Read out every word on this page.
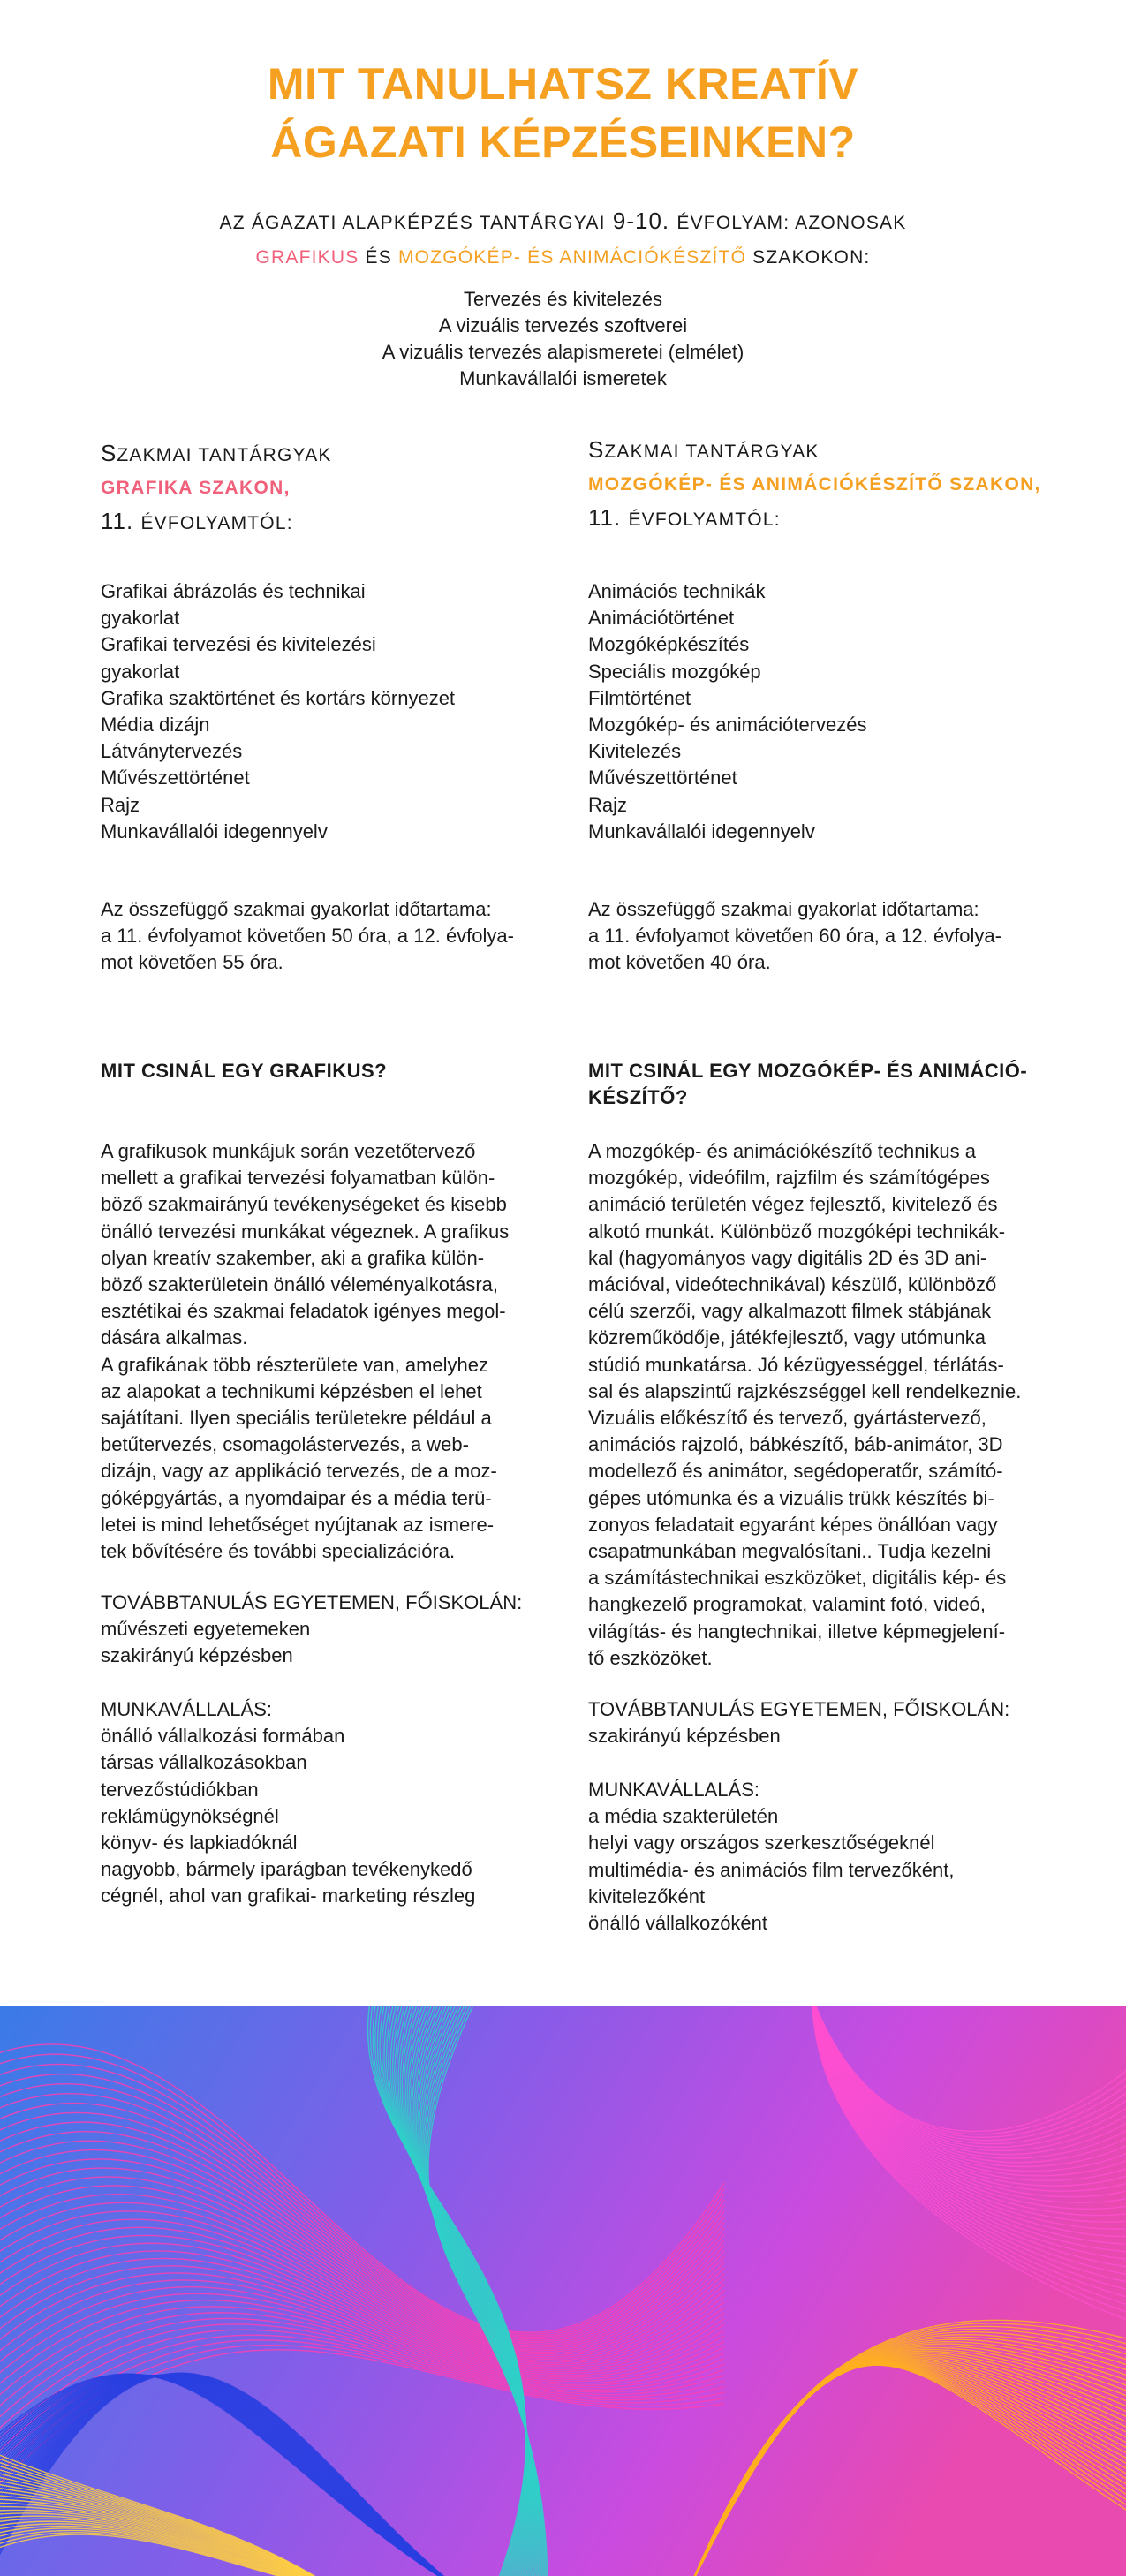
MIT TANULHATSZ KREATÍV
ÁGAZATI KÉPZÉSEINKEN?
AZ ÁGAZATI ALAPKÉPZÉS TANTÁRGYAI 9-10. ÉVFOLYAM: AZONOSAK
GRAFIKUS ÉS MOZGÓKÉP- ÉS ANIMÁCIÓKÉSZÍTŐ SZAKOKON:
Tervezés és kivitelezés
A vizuális tervezés szoftverei
A vizuális tervezés alapismeretei (elmélet)
Munkavállalói ismeretek
SZAKMAI TANTÁRGYAK
GRAFIKA SZAKON,
11. ÉVFOLYAMTÓL:
Grafikai ábrázolás és technikai
gyakorlat
Grafikai tervezési és kivitelezési
gyakorlat
Grafika szaktörténet és kortárs környezet
Média dizájn
Látványtervezés
Művészettörténet
Rajz
Munkavállalói idegennyelv
Az összefüggő szakmai gyakorlat időtartama:
a 11. évfolyamot követően 50 óra, a 12. évfolya-
mot követően 55 óra.
MIT CSINÁL EGY GRAFIKUS?
A grafikusok munkájuk során vezetőtervező
mellett a grafikai tervezési folyamatban külön-
böző szakmairányú tevékenységeket és kisebb
önálló tervezési munkákat végeznek. A grafikus
olyan kreatív szakember, aki a grafika külön-
böző szakterületein önálló véleményalkotásra,
esztétikai és szakmai feladatok igényes megol-
dására alkalmas.
A grafikának több részterülete van, amelyhez
az alapokat a technikumi képzésben el lehet
sajátítani. Ilyen speciális területekre például a
betűtervezés, csomagolástervezés, a web-
dizájn, vagy az applikáció tervezés, de a moz-
góképgyártás, a nyomdaipar és a média terü-
letei is mind lehetőséget nyújtanak az ismere-
tek bővítésére és további specializációra.
TOVÁBBTANULÁS EGYETEMEN, FŐISKOLÁN:
művészeti egyetemeken
szakirányú képzésben
MUNKAVÁLLALÁS:
önálló vállalkozási formában
társas vállalkozásokban
tervezőstúdiókban
reklámügynökségnél
könyv- és lapkiadóknál
nagyobb, bármely iparágban tevékenykedő
cégnél, ahol van grafikai- marketing részleg
SZAKMAI TANTÁRGYAK
MOZGÓKÉP- ÉS ANIMÁCIÓKÉSZÍTŐ SZAKON,
11. ÉVFOLYAMTÓL:
Animációs technikák
Animációtörténet
Mozgóképkészítés
Speciális mozgókép
Filmtörténet
Mozgókép- és animációtervezés
Kivitelezés
Művészettörténet
Rajz
Munkavállalói idegennyelv
Az összefüggő szakmai gyakorlat időtartama:
a 11. évfolyamot követően 60 óra, a 12. évfolya-
mot követően 40 óra.
MIT CSINÁL EGY MOZGÓKÉP- ÉS ANIMÁCIÓ-
KÉSZÍTŐ?
A mozgókép- és animációkészítő technikus a
mozgókép, videófilm, rajzfilm és számítógépes
animáció területén végez fejlesztő, kivitelező és
alkotó munkát. Különböző mozgóképi technikák-
kal (hagyományos vagy digitális 2D és 3D ani-
mációval, videótechnikával) készülő, különböző
célú szerzői, vagy alkalmazott filmek stábjának
közreműködője, játékfejlesztő, vagy utómunka
stúdió munkatársa. Jó kézügyességgel, térlátás-
sal és alapszintű rajzkészséggel kell rendelkeznie.
Vizuális előkészítő és tervező, gyártástervező,
animációs rajzoló, bábkészítő, báb-animátor, 3D
modellező és animátor, segédoperatőr, számító-
gépes utómunka és a vizuális trükk készítés bi-
zonyos feladatait egyaránt képes önállóan vagy
csapatmunkában megvalósítani.. Tudja kezelni
a számítástechnikai eszközöket, digitális kép- és
hangkezelő programokat, valamint fotó, videó,
világítás- és hangtechnikai, illetve képmegjelení-
tő eszközöket.
TOVÁBBTANULÁS EGYETEMEN, FŐISKOLÁN:
szakirányú képzésben
MUNKAVÁLLALÁS:
a média szakterületén
helyi vagy országos szerkesztőségeknél
multimédia- és animációs film tervezőként,
kivitelezőként
önálló vállalkozóként
